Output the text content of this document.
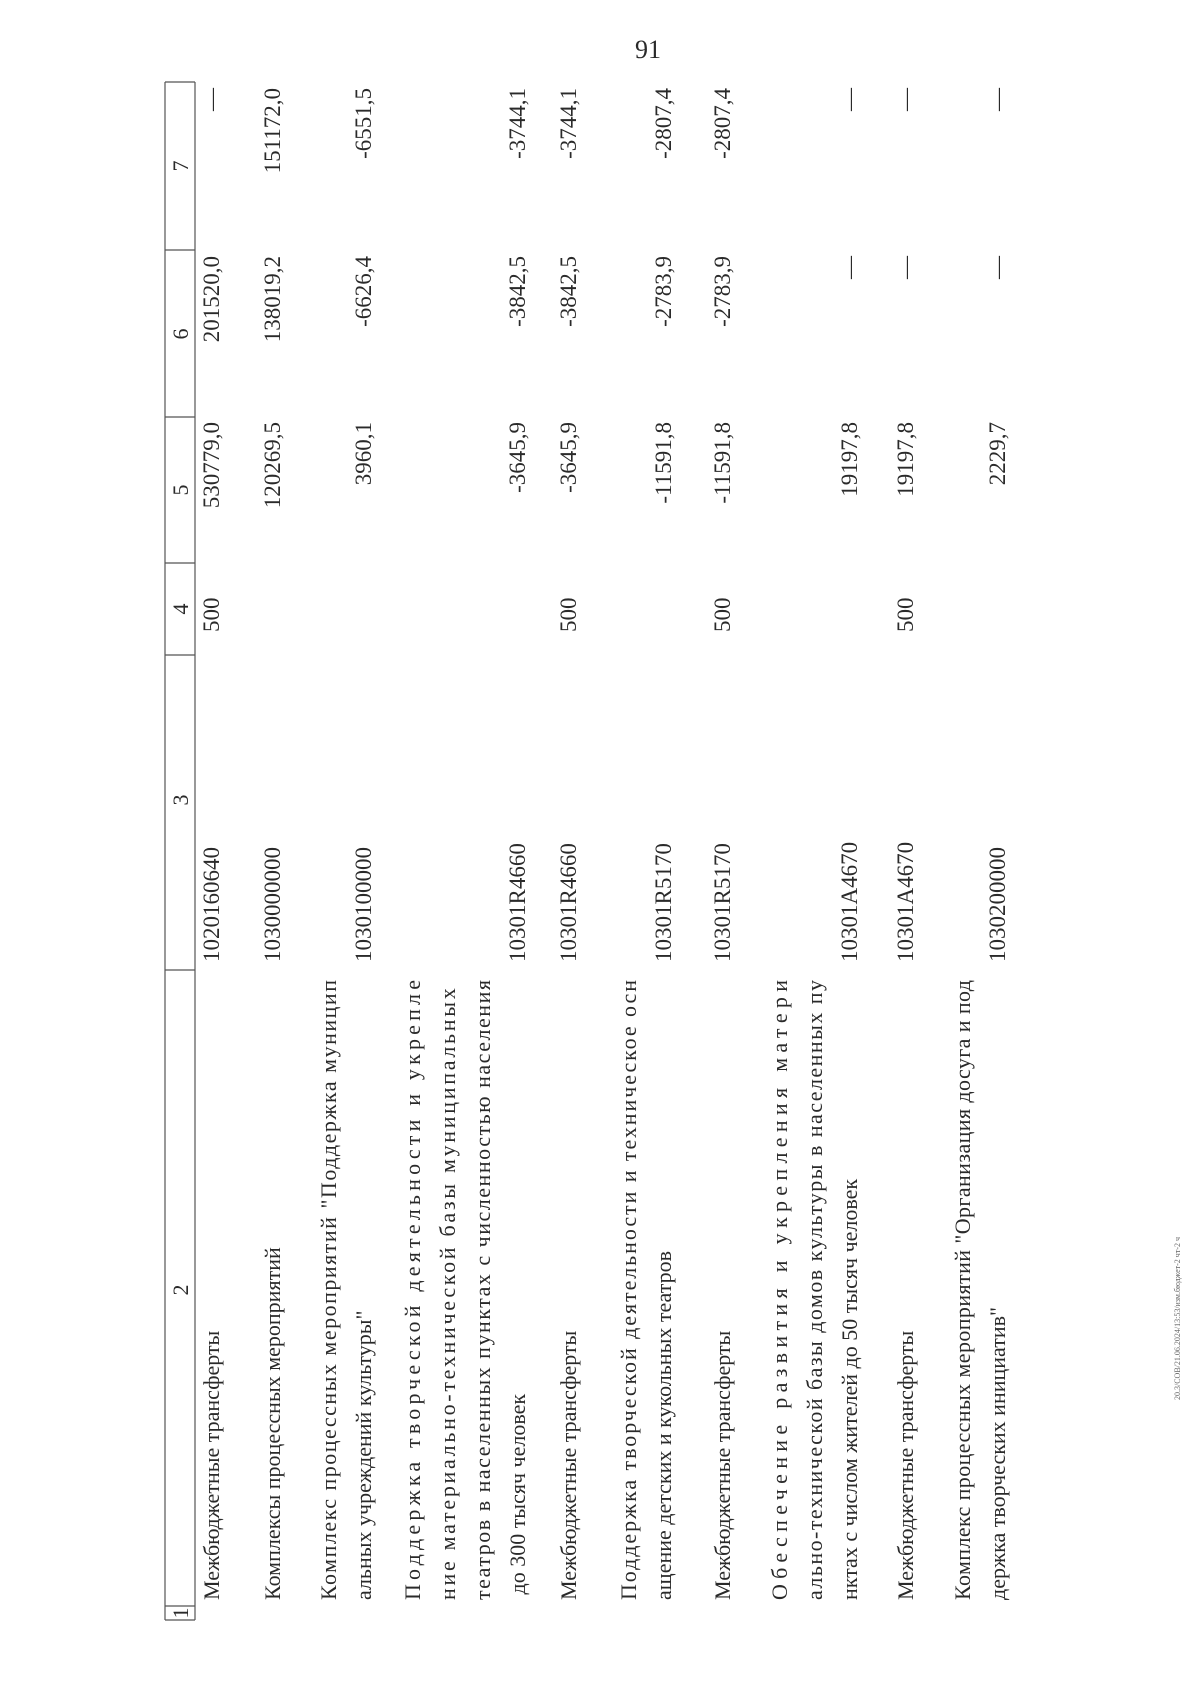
91
1
2
3
4
5
6
7
Межбюджетные трансферты
1020160640
500
530779,0
201520,0
—
Комплексы процессных мероприятий
1030000000
120269,5
138019,2
151172,0
Комплекс процессных мероприятий "Поддержка муниципальных учреждений культуры"
1030100000
3960,1
-6626,4
-6551,5
Поддержка творческой деятельности и укрепление материально-технической базы муниципальных театров в населенных пунктах с численностью населения до 300 тысяч человек
10301R4660
-3645,9
-3842,5
-3744,1
Межбюджетные трансферты
10301R4660
500
-3645,9
-3842,5
-3744,1
Поддержка творческой деятельности и техническое оснащение детских и кукольных театров
10301R5170
-11591,8
-2783,9
-2807,4
Межбюджетные трансферты
10301R5170
500
-11591,8
-2783,9
-2807,4
Обеспечение развития и укрепления материально-технической базы домов культуры в населенных пунктах с числом жителей до 50 тысяч человек
10301A4670
19197,8
—
—
Межбюджетные трансферты
10301A4670
500
19197,8
—
—
Комплекс процессных мероприятий "Организация досуга и поддержка творческих инициатив"
1030200000
2229,7
—
—
20.3/СОВ/21.06.2024/13:53/изм.бюджет-2 чт-2 ч
